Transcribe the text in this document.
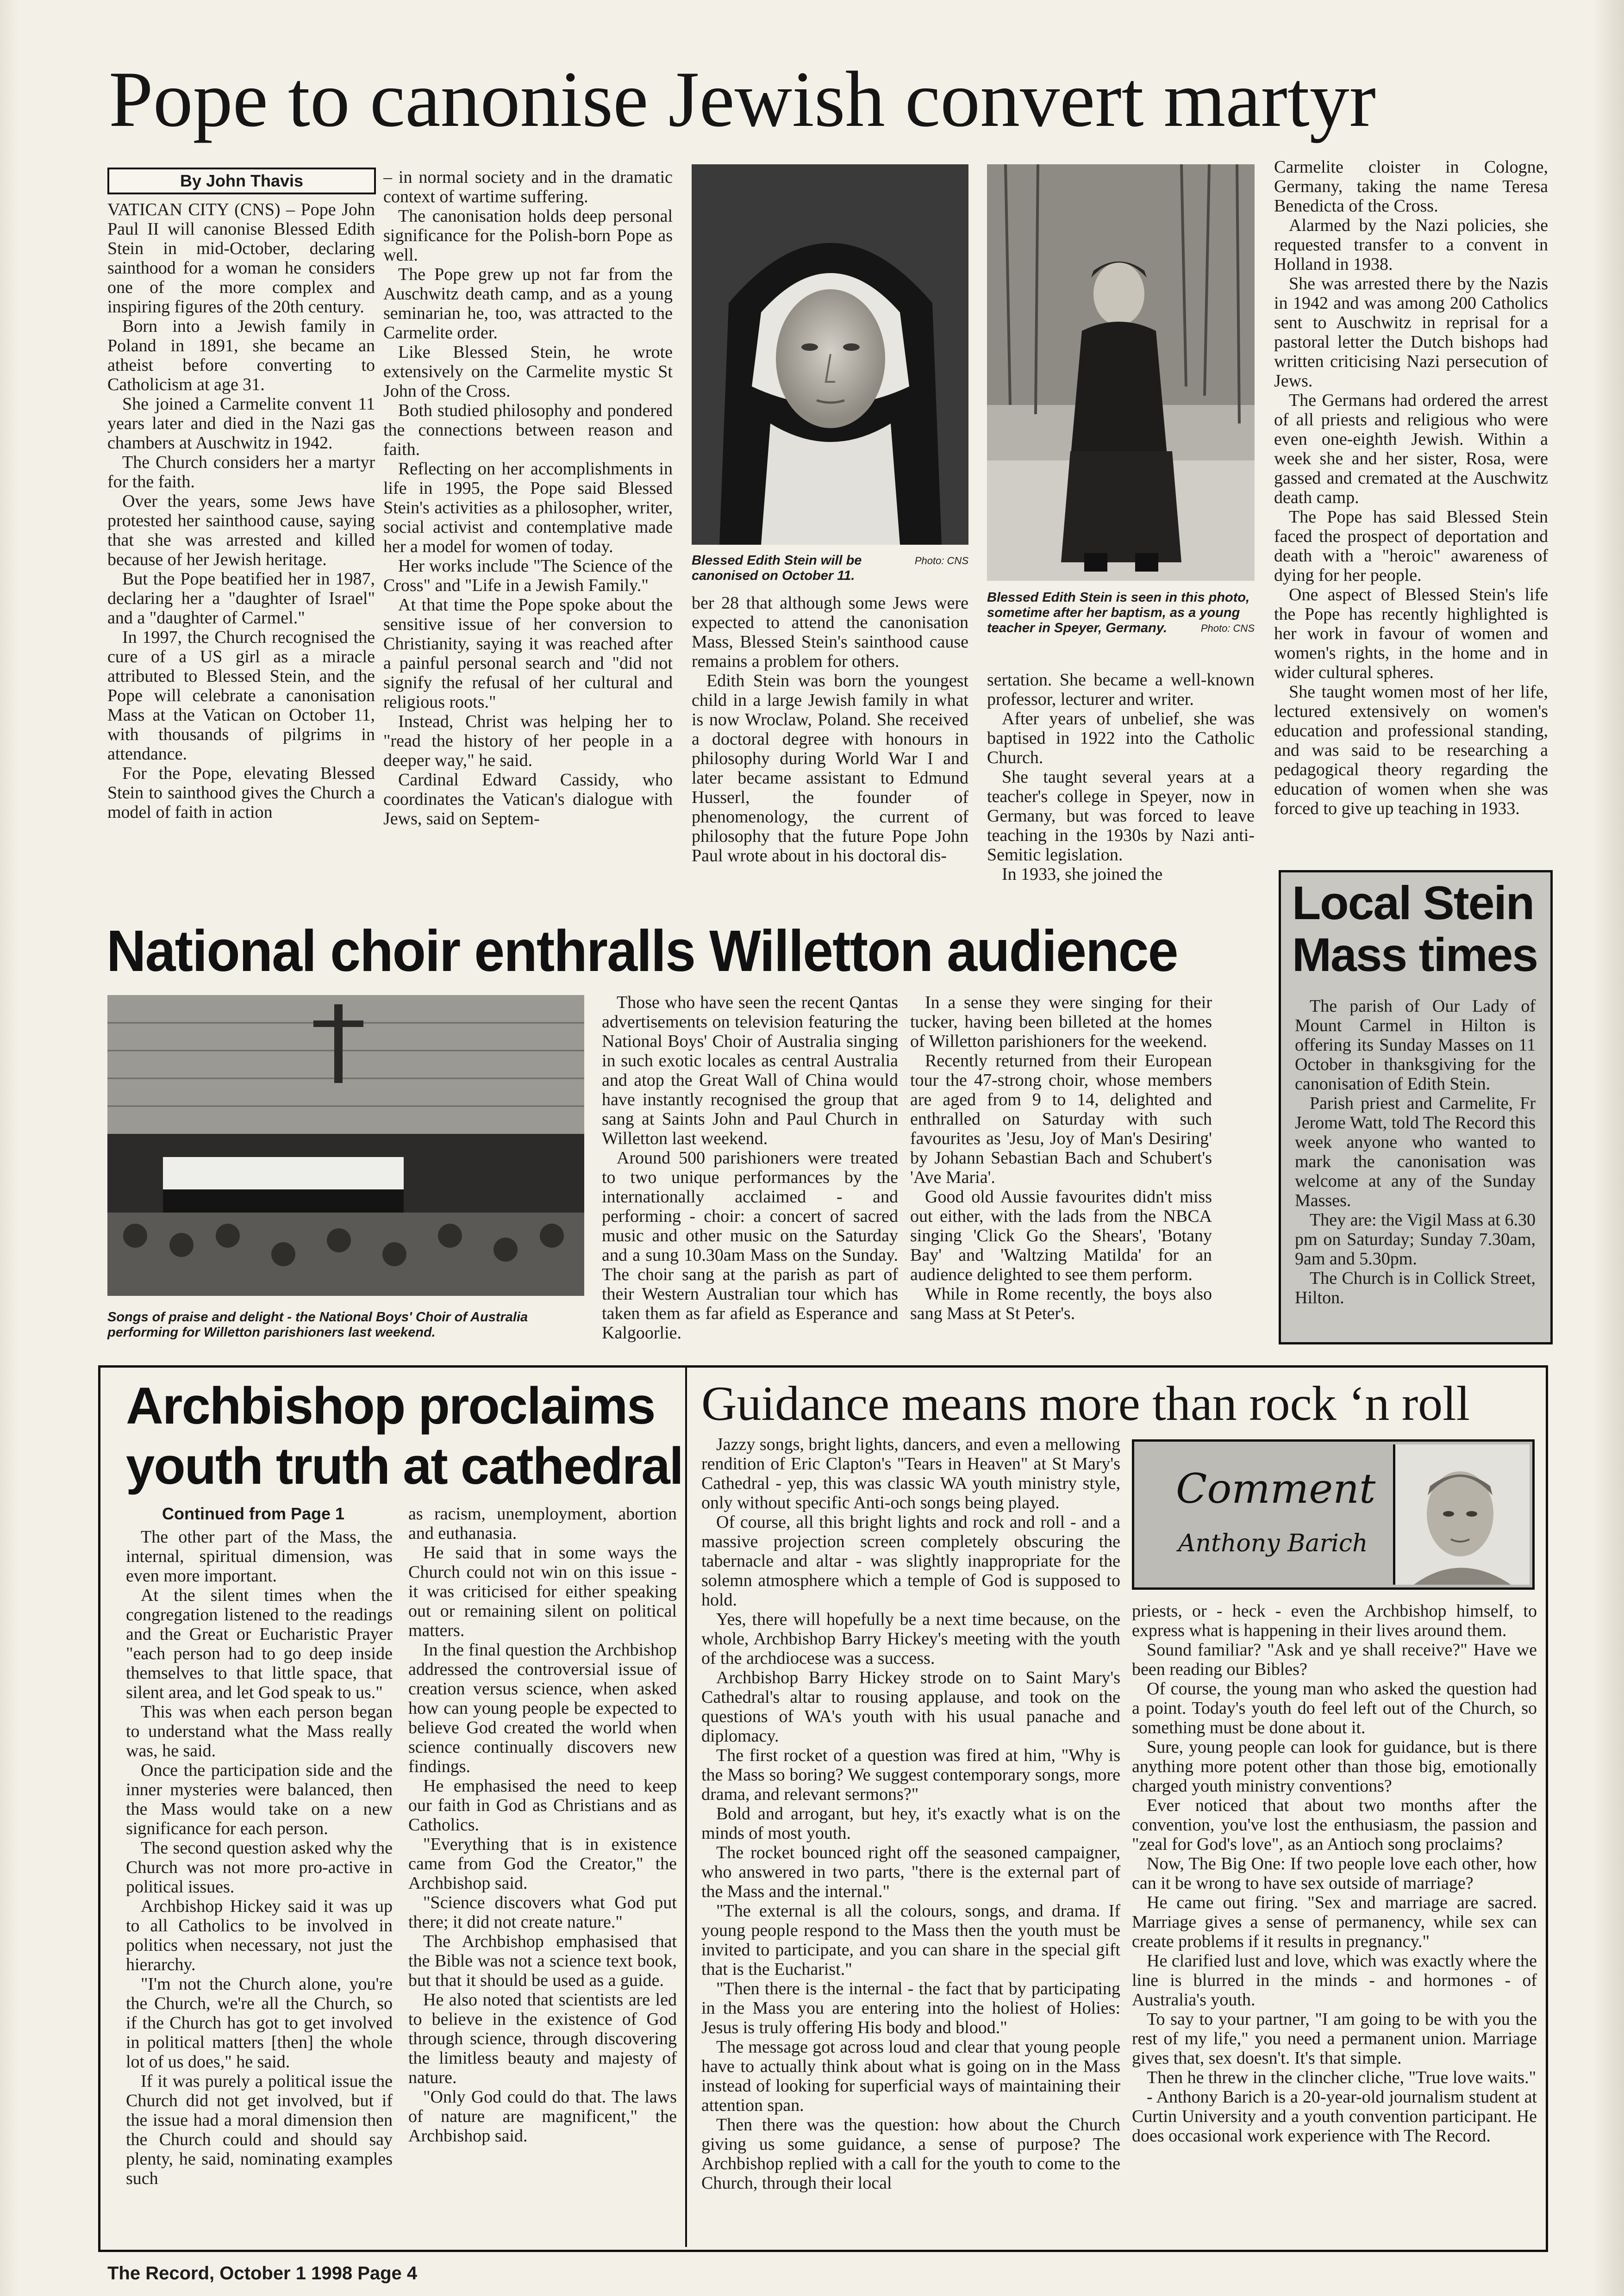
Pope to canonise Jewish convert martyr
By John Thavis

VATICAN CITY (CNS) – Pope John Paul II will canonise Blessed Edith Stein in mid-October, declaring sainthood for a woman he considers one of the more complex and inspiring figures of the 20th century.

Born into a Jewish family in Poland in 1891, she became an atheist before converting to Catholicism at age 31.

She joined a Carmelite convent 11 years later and died in the Nazi gas chambers at Auschwitz in 1942.

The Church considers her a martyr for the faith.

Over the years, some Jews have protested her sainthood cause, saying that she was arrested and killed because of her Jewish heritage.

But the Pope beatified her in 1987, declaring her a "daughter of Israel" and a "daughter of Carmel."

In 1997, the Church recognised the cure of a US girl as a miracle attributed to Blessed Stein, and the Pope will celebrate a canonisation Mass at the Vatican on October 11, with thousands of pilgrims in attendance.

For the Pope, elevating Blessed Stein to sainthood gives the Church a model of faith in action

– in normal society and in the dramatic context of wartime suffering.

The canonisation holds deep personal significance for the Polish-born Pope as well.

The Pope grew up not far from the Auschwitz death camp, and as a young seminarian he, too, was attracted to the Carmelite order.

Like Blessed Stein, he wrote extensively on the Carmelite mystic St John of the Cross.

Both studied philosophy and pondered the connections between reason and faith.

Reflecting on her accomplishments in life in 1995, the Pope said Blessed Stein's activities as a philosopher, writer, social activist and contemplative made her a model for women of today.

Her works include "The Science of the Cross" and "Life in a Jewish Family."

At that time the Pope spoke about the sensitive issue of her conversion to Christianity, saying it was reached after a painful personal search and "did not signify the refusal of her cultural and religious roots."

Instead, Christ was helping her to "read the history of her people in a deeper way," he said.

Cardinal Edward Cassidy, who coordinates the Vatican's dialogue with Jews, said on Septem-

Photo: CNS
Blessed Edith Stein will be canonised on October 11.
Blessed Edith Stein is seen in this photo, sometime after her baptism, as a young teacher in Speyer, Germany.	Photo: CNS

ber 28 that although some Jews were expected to attend the canonisation Mass, Blessed Stein's sainthood cause remains a problem for others.

Edith Stein was born the youngest child in a large Jewish family in what is now Wroclaw, Poland. She received a doctoral degree with honours in philosophy during World War I and later became assistant to Edmund Husserl, the founder of phenomenology, the current of philosophy that the future Pope John Paul wrote about in his doctoral dis-

sertation. She became a well-known professor, lecturer and writer.

After years of unbelief, she was baptised in 1922 into the Catholic Church.

She taught several years at a teacher's college in Speyer, now in Germany, but was forced to leave teaching in the 1930s by Nazi anti-Semitic legislation.

In 1933, she joined the

Carmelite cloister in Cologne, Germany, taking the name Teresa Benedicta of the Cross.

Alarmed by the Nazi policies, she requested transfer to a convent in Holland in 1938.

She was arrested there by the Nazis in 1942 and was among 200 Catholics sent to Auschwitz in reprisal for a pastoral letter the Dutch bishops had written criticising Nazi persecution of Jews.

The Germans had ordered the arrest of all priests and religious who were even one-eighth Jewish. Within a week she and her sister, Rosa, were gassed and cremated at the Auschwitz death camp.

The Pope has said Blessed Stein faced the prospect of deportation and death with a "heroic" awareness of dying for her people.

One aspect of Blessed Stein's life the Pope has recently highlighted is her work in favour of women and women's rights, in the home and in wider cultural spheres.

She taught women most of her life, lectured extensively on women's education and professional standing, and was said to be researching a pedagogical theory regarding the education of women when she was forced to give up teaching in 1933.

Local Stein
Mass times

The parish of Our Lady of Mount Carmel in Hilton is offering its Sunday Masses on 11 October in thanksgiving for the canonisation of Edith Stein.

Parish priest and Carmelite, Fr Jerome Watt, told The Record this week anyone who wanted to mark the canonisation was welcome at any of the Sunday Masses.

They are: the Vigil Mass at 6.30 pm on Saturday; Sunday 7.30am, 9am and 5.30pm.

The Church is in Collick Street, Hilton.

National choir enthralls Willetton audience
Songs of praise and delight - the National Boys' Choir of Australia performing for Willetton parishioners last weekend.

Those who have seen the recent Qantas advertisements on television featuring the National Boys' Choir of Australia singing in such exotic locales as central Australia and atop the Great Wall of China would have instantly recognised the group that sang at Saints John and Paul Church in Willetton last weekend.

Around 500 parishioners were treated to two unique performances by the internationally acclaimed - and performing - choir: a concert of sacred music and other music on the Saturday and a sung 10.30am Mass on the Sunday. The choir sang at the parish as part of their Western Australian tour which has taken them as far afield as Esperance and Kalgoorlie.

In a sense they were singing for their tucker, having been billeted at the homes of Willetton parishioners for the weekend.

Recently returned from their European tour the 47-strong choir, whose members are aged from 9 to 14, delighted and enthralled on Saturday with such favourites as 'Jesu, Joy of Man's Desiring' by Johann Sebastian Bach and Schubert's 'Ave Maria'.

Good old Aussie favourites didn't miss out either, with the lads from the NBCA singing 'Click Go the Shears', 'Botany Bay' and 'Waltzing Matilda' for an audience delighted to see them perform.

While in Rome recently, the boys also sang Mass at St Peter's.

Archbishop proclaims
youth truth at cathedral
Continued from Page 1

The other part of the Mass, the internal, spiritual dimension, was even more important.

At the silent times when the congregation listened to the readings and the Great or Eucharistic Prayer "each person had to go deep inside themselves to that little space, that silent area, and let God speak to us."

This was when each person began to understand what the Mass really was, he said.

Once the participation side and the inner mysteries were balanced, then the Mass would take on a new significance for each person.

The second question asked why the Church was not more pro-active in political issues.

Archbishop Hickey said it was up to all Catholics to be involved in politics when necessary, not just the hierarchy.

"I'm not the Church alone, you're the Church, we're all the Church, so if the Church has got to get involved in political matters [then] the whole lot of us does," he said.

If it was purely a political issue the Church did not get involved, but if the issue had a moral dimension then the Church could and should say plenty, he said, nominating examples such

as racism, unemployment, abortion and euthanasia.

He said that in some ways the Church could not win on this issue - it was criticised for either speaking out or remaining silent on political matters.

In the final question the Archbishop addressed the controversial issue of creation versus science, when asked how can young people be expected to believe God created the world when science continually discovers new findings.

He emphasised the need to keep our faith in God as Christians and as Catholics.

"Everything that is in existence came from God the Creator," the Archbishop said.

"Science discovers what God put there; it did not create nature."

The Archbishop emphasised that the Bible was not a science text book, but that it should be used as a guide.

He also noted that scientists are led to believe in the existence of God through science, through discovering the limitless beauty and majesty of nature.

"Only God could do that. The laws of nature are magnificent," the Archbishop said.

Guidance means more than rock ‘n roll

Jazzy songs, bright lights, dancers, and even a mellowing rendition of Eric Clapton's "Tears in Heaven" at St Mary's Cathedral - yep, this was classic WA youth ministry style, only without specific Anti-och songs being played.

Of course, all this bright lights and rock and roll - and a massive projection screen completely obscuring the tabernacle and altar - was slightly inappropriate for the solemn atmosphere which a temple of God is supposed to hold.

Yes, there will hopefully be a next time because, on the whole, Archbishop Barry Hickey's meeting with the youth of the archdiocese was a success.

Archbishop Barry Hickey strode on to Saint Mary's Cathedral's altar to rousing applause, and took on the questions of WA's youth with his usual panache and diplomacy.

The first rocket of a question was fired at him, "Why is the Mass so boring? We suggest contemporary songs, more drama, and relevant sermons?"

Bold and arrogant, but hey, it's exactly what is on the minds of most youth.

The rocket bounced right off the seasoned campaigner, who answered in two parts, "there is the external part of the Mass and the internal."

"The external is all the colours, songs, and drama. If young people respond to the Mass then the youth must be invited to participate, and you can share in the special gift that is the Eucharist."

"Then there is the internal - the fact that by participating in the Mass you are entering into the holiest of Holies: Jesus is truly offering His body and blood."

The message got across loud and clear that young people have to actually think about what is going on in the Mass instead of looking for superficial ways of maintaining their attention span.

Then there was the question: how about the Church giving us some guidance, a sense of purpose? The Archbishop replied with a call for the youth to come to the Church, through their local

Comment
Anthony Barich

priests, or - heck - even the Archbishop himself, to express what is happening in their lives around them.

Sound familiar? "Ask and ye shall receive?" Have we been reading our Bibles?

Of course, the young man who asked the question had a point. Today's youth do feel left out of the Church, so something must be done about it.

Sure, young people can look for guidance, but is there anything more potent other than those big, emotionally charged youth ministry conventions?

Ever noticed that about two months after the convention, you've lost the enthusiasm, the passion and "zeal for God's love", as an Antioch song proclaims?

Now, The Big One: If two people love each other, how can it be wrong to have sex outside of marriage?

He came out firing. "Sex and marriage are sacred. Marriage gives a sense of permanency, while sex can create problems if it results in pregnancy."

He clarified lust and love, which was exactly where the line is blurred in the minds - and hormones - of Australia's youth.

To say to your partner, "I am going to be with you the rest of my life," you need a permanent union. Marriage gives that, sex doesn't. It's that simple.

Then he threw in the clincher cliche, "True love waits."

- Anthony Barich is a 20-year-old journalism student at Curtin University and a youth convention participant. He does occasional work experience with The Record.

The Record, October 1 1998 Page 4
